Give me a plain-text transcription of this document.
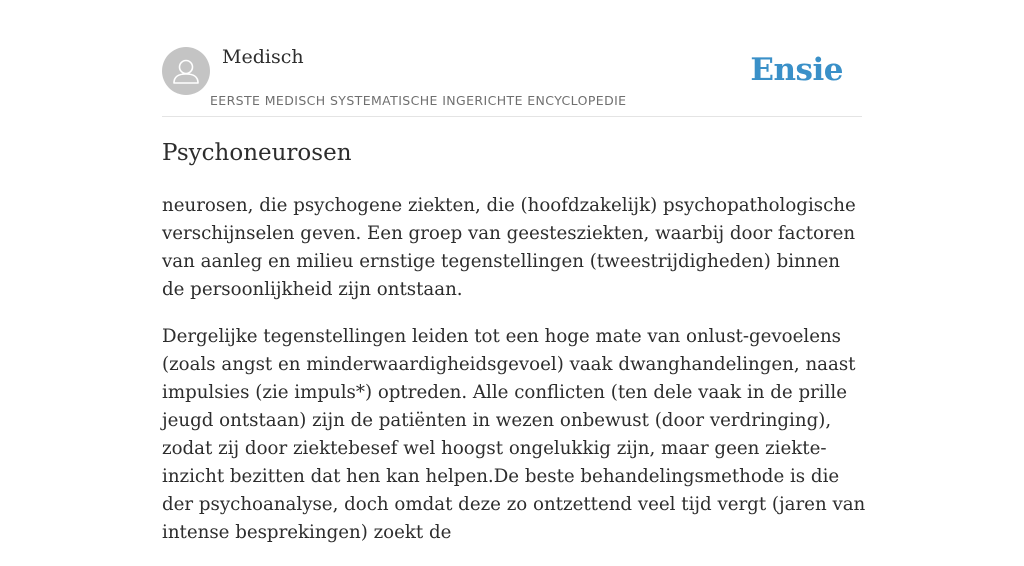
Medisch
EERSTE MEDISCH SYSTEMATISCHE INGERICHTE ENCYCLOPEDIE
Ensie
Psychoneurosen

neurosen, die psychogene ziekten, die (hoofdzakelijk) psychopathologische verschijnselen geven. Een groep van geestesziekten, waarbij door factoren van aanleg en milieu ernstige tegenstellingen (tweestrijdigheden) binnen de persoonlijkheid zijn ontstaan.

Dergelijke tegenstellingen leiden tot een hoge mate van onlust-gevoelens (zoals angst en minderwaardigheidsgevoel) vaak dwanghandelingen, naast impulsies (zie impuls*) optreden. Alle conflicten (ten dele vaak in de prille jeugd ontstaan) zijn de patiënten in wezen onbewust (door verdringing), zodat zij door ziektebesef wel hoogst ongelukkig zijn, maar geen ziekte-inzicht bezitten dat hen kan helpen.De beste behandelingsmethode is die der psychoanalyse, doch omdat deze zo ontzettend veel tijd vergt (jaren van intense besprekingen) zoekt de
